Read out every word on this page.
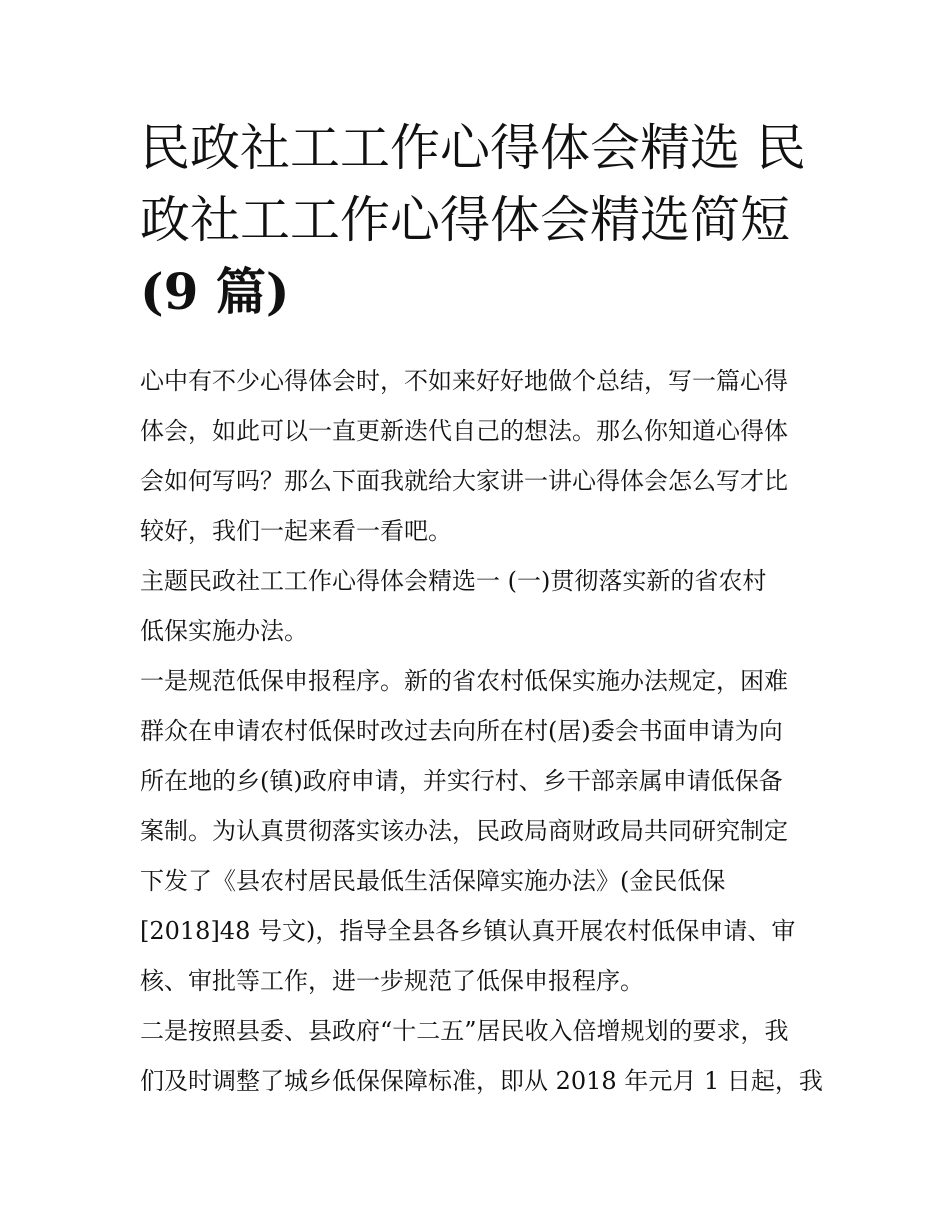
民政社工工作心得体会精选 民
政社工工作心得体会精选简短
(9 篇)
心中有不少心得体会时，不如来好好地做个总结，写一篇心得
体会，如此可以一直更新迭代自己的想法。那么你知道心得体
会如何写吗？那么下面我就给大家讲一讲心得体会怎么写才比
较好，我们一起来看一看吧。
主题民政社工工作心得体会精选一 (一)贯彻落实新的省农村
低保实施办法。
一是规范低保申报程序。新的省农村低保实施办法规定，困难
群众在申请农村低保时改过去向所在村(居)委会书面申请为向
所在地的乡(镇)政府申请，并实行村、乡干部亲属申请低保备
案制。为认真贯彻落实该办法，民政局商财政局共同研究制定
下发了《县农村居民最低生活保障实施办法》(金民低保
[2018]48 号文)，指导全县各乡镇认真开展农村低保申请、审
核、审批等工作，进一步规范了低保申报程序。
二是按照县委、县政府“十二五”居民收入倍增规划的要求，我
们及时调整了城乡低保保障标准，即从 2018 年元月 1 日起，我
